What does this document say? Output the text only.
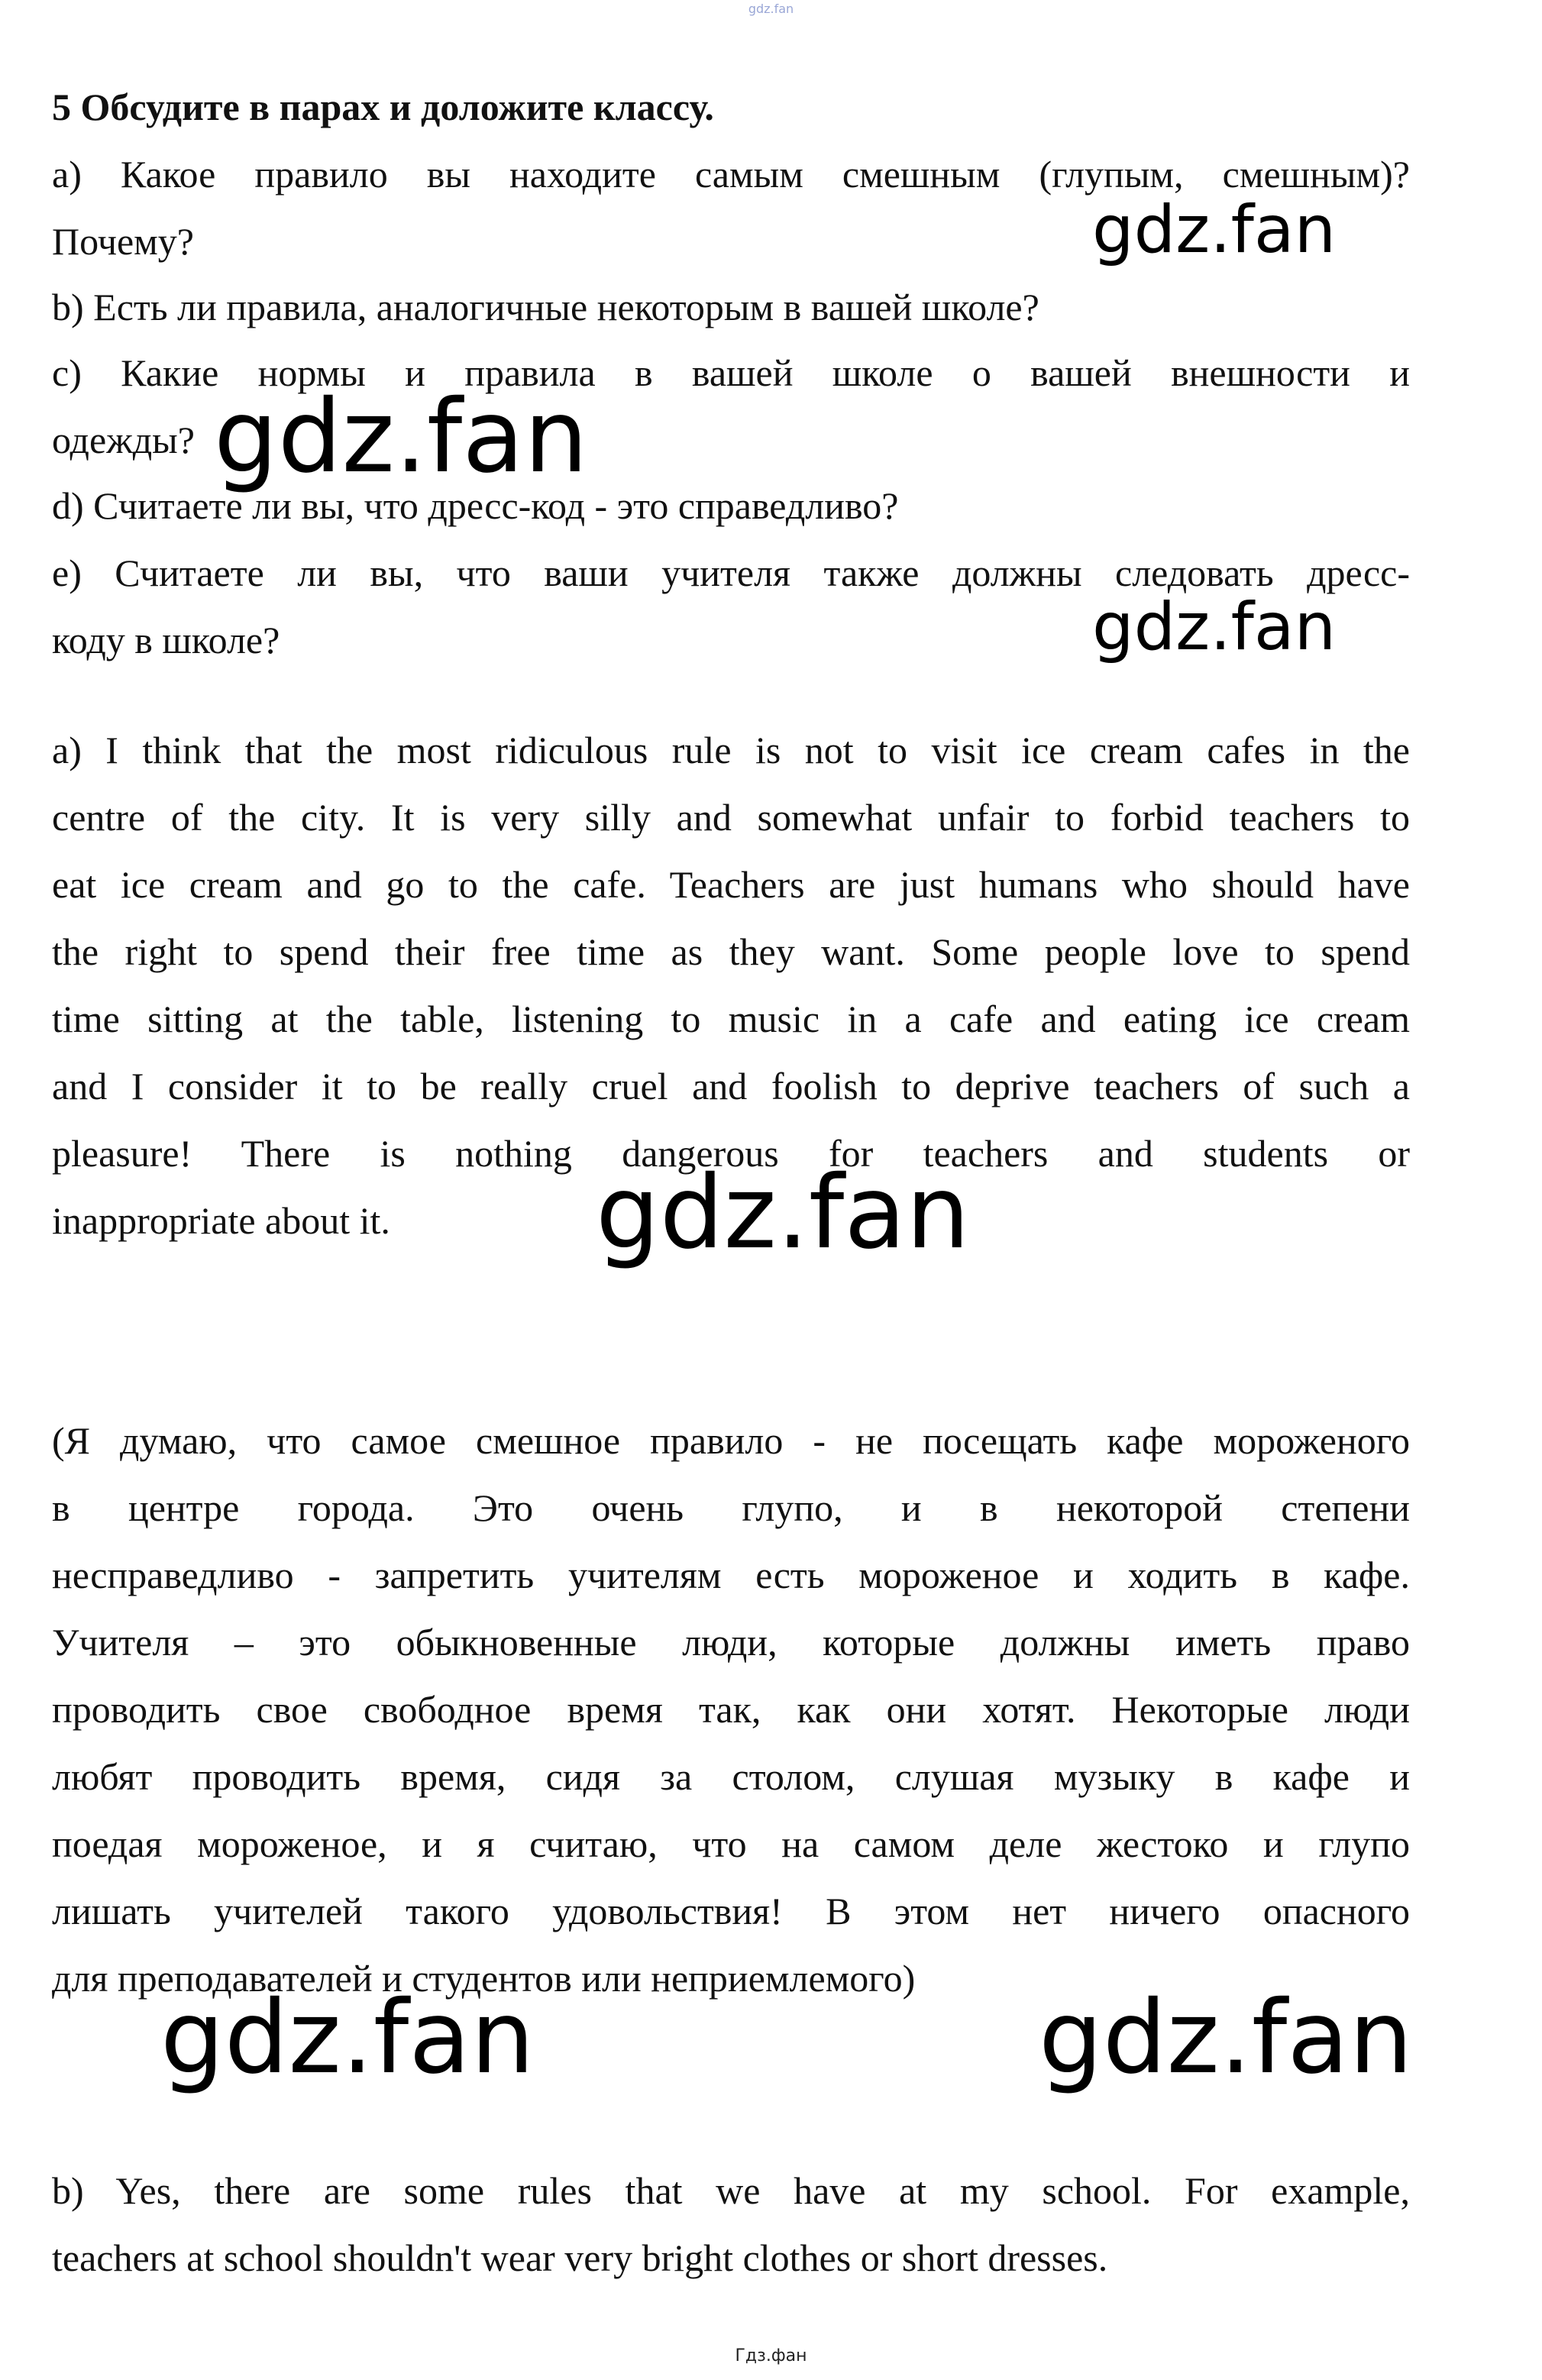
gdz.fan
5 Обсудите в парах и доложите классу.
a) Какое правило вы находите самым смешным (глупым, смешным)?
Почему?
b) Есть ли правила, аналогичные некоторым в вашей школе?
c) Какие нормы и правила в вашей школе о вашей внешности и
одежды?
d) Считаете ли вы, что дресс-код - это справедливо?
e) Считаете ли вы, что ваши учителя также должны следовать дресс-
коду в школе?
a) I think that the most ridiculous rule is not to visit ice cream cafes in the
centre of the city. It is very silly and somewhat unfair to forbid teachers to
eat ice cream and go to the cafe. Teachers are just humans who should have
the right to spend their free time as they want. Some people love to spend
time sitting at the table, listening to music in a cafe and eating ice cream
and I consider it to be really cruel and foolish to deprive teachers of such a
pleasure! There is nothing dangerous for teachers and students or
inappropriate about it.
(Я думаю, что самое смешное правило - не посещать кафе мороженого
в центре города. Это очень глупо, и в некоторой степени
несправедливо - запретить учителям есть мороженое и ходить в кафе.
Учителя – это обыкновенные люди, которые должны иметь право
проводить свое свободное время так, как они хотят. Некоторые люди
любят проводить время, сидя за столом, слушая музыку в кафе и
поедая мороженое, и я считаю, что на самом деле жестоко и глупо
лишать учителей такого удовольствия! В этом нет ничего опасного
для преподавателей и студентов или неприемлемого)
b) Yes, there are some rules that we have at my school. For example,
teachers at school shouldn't wear very bright clothes or short dresses.
gdz.fan
gdz.fan
gdz.fan
gdz.fan
gdz.fan	gdz.fan
Гдз.фан
